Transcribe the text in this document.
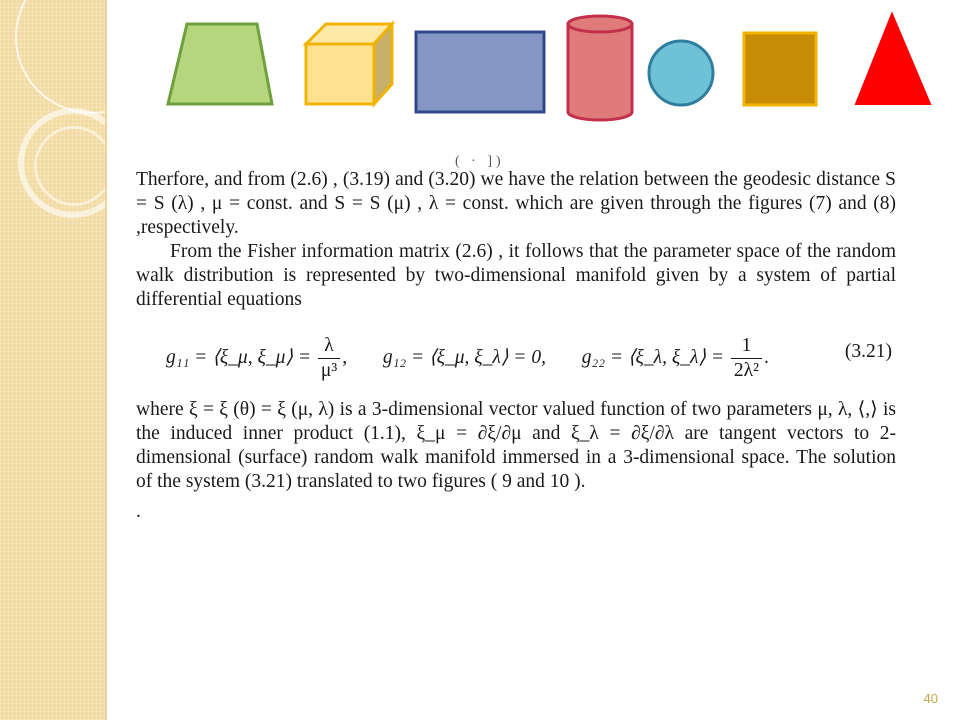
( · ])

Therfore, and from (2.6) , (3.19) and (3.20) we have the relation between the geodesic distance S = S (λ) , μ = const. and S = S (μ) , λ = const. which are given through the figures (7) and (8) ,respectively.

From the Fisher information matrix (2.6) , it follows that the parameter space of the random walk distribution is represented by two-dimensional manifold given by a system of partial differential equations

g₁₁ = ⟨ξ_μ, ξ_μ⟩ = $\frac{\lambda}{\text{μ³}}$ , g₁₂ = ⟨ξ_μ, ξ_λ⟩ = 0, g₂₂ = ⟨ξ_λ, ξ_λ⟩ = $\frac{1}{\text{2λ²}}$ .	(3.21)

where ξ = ξ (θ) = ξ (μ, λ) is a 3-dimensional vector valued function of two parameters μ, λ, ⟨,⟩ is the induced inner product (1.1), ξ_μ = ∂ξ/∂μ and ξ_λ = ∂ξ/∂λ are tangent vectors to 2-dimensional (surface) random walk manifold immersed in a 3-dimensional space. The solution of the system (3.21) translated to two figures ( 9 and 10 ).

.

40
